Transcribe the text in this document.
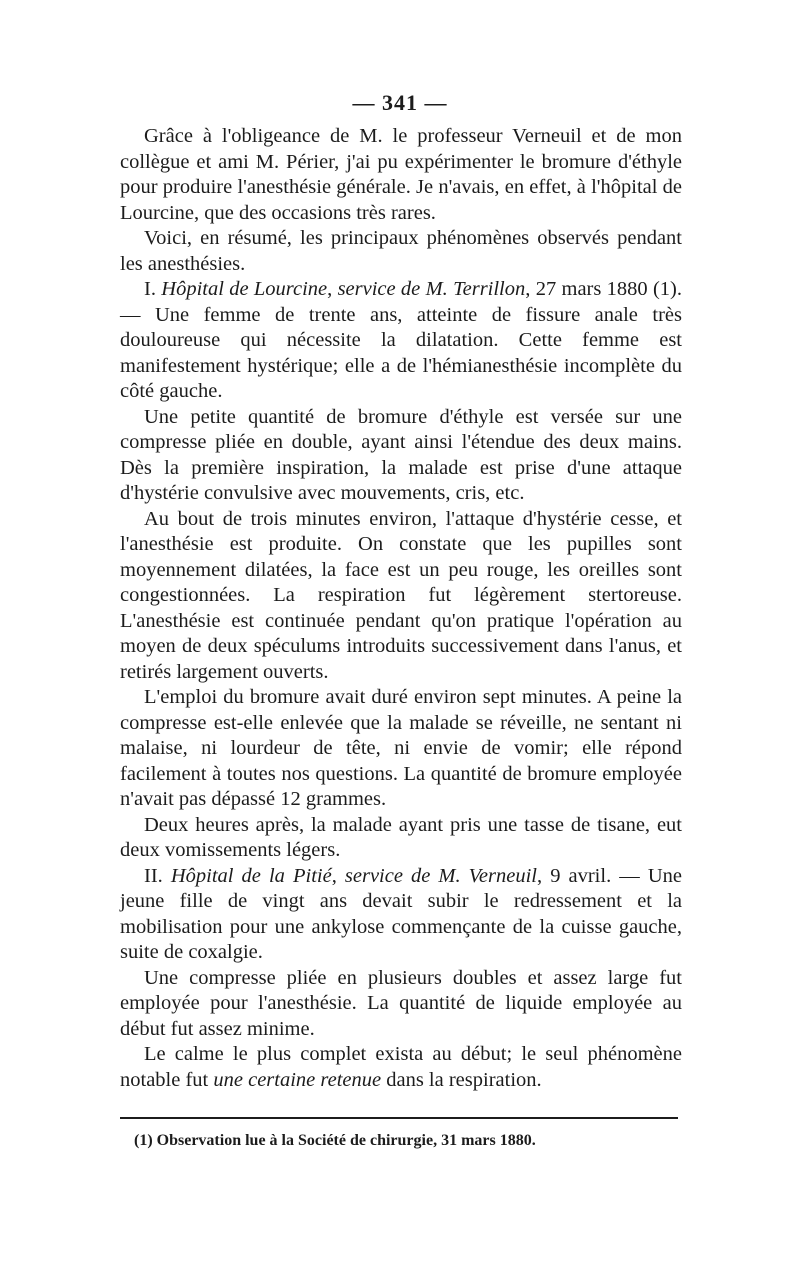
— 341 —

Grâce à l'obligeance de M. le professeur Verneuil et de mon collègue et ami M. Périer, j'ai pu expérimenter le bromure d'éthyle pour produire l'anesthésie générale. Je n'avais, en effet, à l'hôpital de Lourcine, que des occasions très rares.

Voici, en résumé, les principaux phénomènes observés pendant les anesthésies.

I. Hôpital de Lourcine, service de M. Terrillon, 27 mars 1880 (1). — Une femme de trente ans, atteinte de fissure anale très douloureuse qui nécessite la dilatation. Cette femme est manifestement hystérique; elle a de l'hémianesthésie incomplète du côté gauche.

Une petite quantité de bromure d'éthyle est versée sur une compresse pliée en double, ayant ainsi l'étendue des deux mains. Dès la première inspiration, la malade est prise d'une attaque d'hystérie convulsive avec mouvements, cris, etc.

Au bout de trois minutes environ, l'attaque d'hystérie cesse, et l'anesthésie est produite. On constate que les pupilles sont moyennement dilatées, la face est un peu rouge, les oreilles sont congestionnées. La respiration fut légèrement stertoreuse. L'anesthésie est continuée pendant qu'on pratique l'opération au moyen de deux spéculums introduits successivement dans l'anus, et retirés largement ouverts.

L'emploi du bromure avait duré environ sept minutes. A peine la compresse est-elle enlevée que la malade se réveille, ne sentant ni malaise, ni lourdeur de tête, ni envie de vomir; elle répond facilement à toutes nos questions. La quantité de bromure employée n'avait pas dépassé 12 grammes.

Deux heures après, la malade ayant pris une tasse de tisane, eut deux vomissements légers.

II. Hôpital de la Pitié, service de M. Verneuil, 9 avril. — Une jeune fille de vingt ans devait subir le redressement et la mobilisation pour une ankylose commençante de la cuisse gauche, suite de coxalgie.

Une compresse pliée en plusieurs doubles et assez large fut employée pour l'anesthésie. La quantité de liquide employée au début fut assez minime.

Le calme le plus complet exista au début; le seul phénomène notable fut une certaine retenue dans la respiration.

(1) Observation lue à la Société de chirurgie, 31 mars 1880.
